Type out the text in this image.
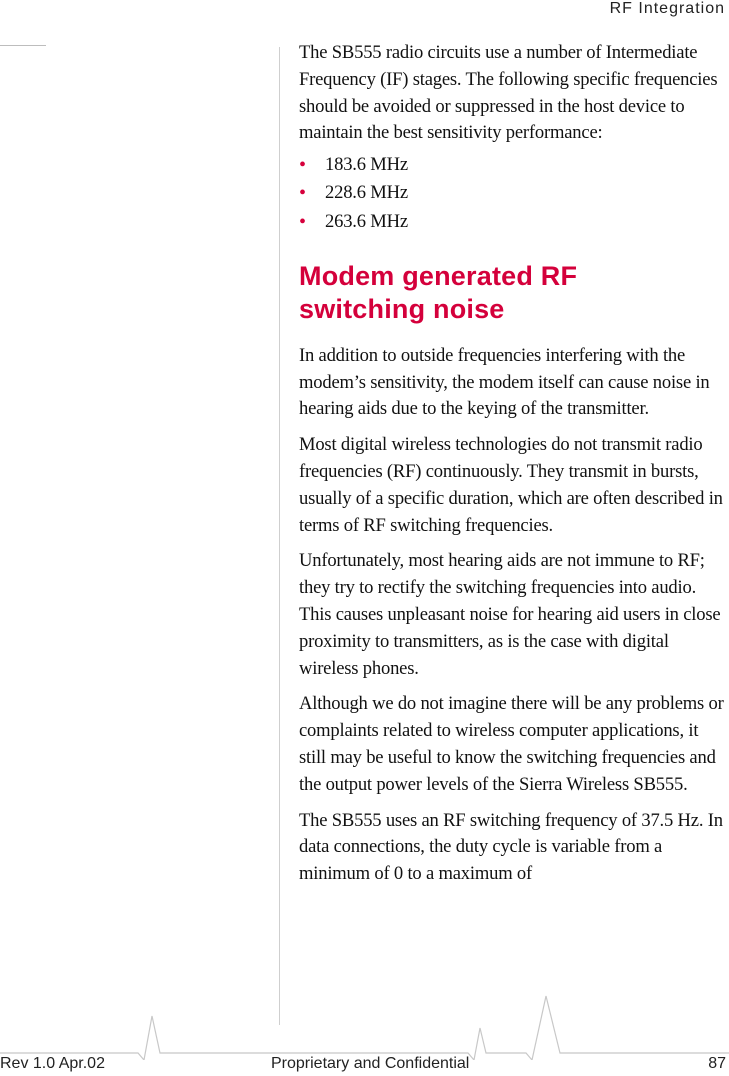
RF Integration

The SB555 radio circuits use a number of Intermediate Frequency (IF) stages. The following specific frequencies should be avoided or suppressed in the host device to maintain the best sensitivity performance:

• 183.6 MHz
• 228.6 MHz
• 263.6 MHz
Modem generated RF switching noise

In addition to outside frequencies interfering with the modem’s sensitivity, the modem itself can cause noise in hearing aids due to the keying of the transmitter.

Most digital wireless technologies do not transmit radio frequencies (RF) continuously. They transmit in bursts, usually of a specific duration, which are often described in terms of RF switching frequencies.

Unfortunately, most hearing aids are not immune to RF; they try to rectify the switching frequencies into audio. This causes unpleasant noise for hearing aid users in close proximity to transmitters, as is the case with digital wireless phones.

Although we do not imagine there will be any problems or complaints related to wireless computer applications, it still may be useful to know the switching frequencies and the output power levels of the Sierra Wireless SB555.

The SB555 uses an RF switching frequency of 37.5 Hz. In data connections, the duty cycle is variable from a minimum of 0 to a maximum of

Rev 1.0 Apr.02	Proprietary and Confidential	87
